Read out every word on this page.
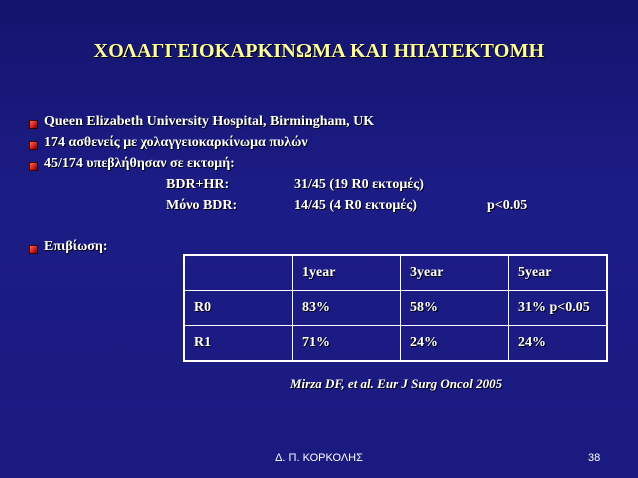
ΧΟΛΑΓΓΕΙΟΚΑΡΚΙΝΩΜΑ ΚΑΙ ΗΠΑΤΕΚΤΟΜΗ
Queen Elizabeth University Hospital, Birmingham, UK
174 ασθενείς με χολαγγειοκαρκίνωμα πυλών
45/174 υπεβλήθησαν σε εκτομή:
BDR+HR:	31/45 (19 R0 εκτομές)
Μόνο BDR:	14/45 (4 R0 εκτομές)	p<0.05
Επιβίωση:
	1year	3year	5year
R0	83%	58%	31% p<0.05
R1	71%	24%	24%
Mirza DF, et al. Eur J Surg Oncol 2005
Δ. Π. ΚΟΡΚΟΛΗΣ	38
